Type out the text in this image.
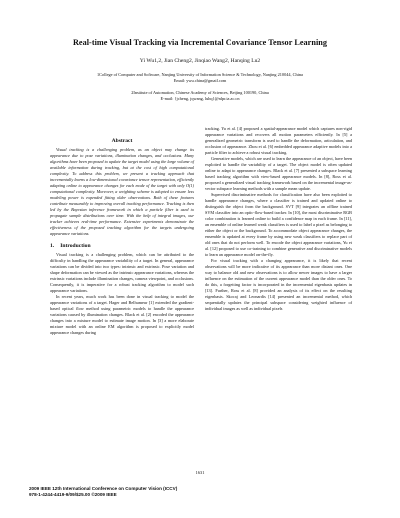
Real-time Visual Tracking via Incremental Covariance Tensor Learning
Yi Wu1,2, Jian Cheng2, Jinqiao Wang2, Hanqing Lu2
1College of Computer and Software, Nanjing University of Information Science & Technology, Nanjing 210044, China
Email: ywu.china@gmail.com
2Institute of Automation, Chinese Academy of Sciences, Beijing 100190, China
E-mail: {jcheng, jqwang, luhq}@nlpr.ia.ac.cn
Abstract

Visual tracking is a challenging problem, as an object may change its appearance due to pose variations, illumination changes, and occlusions. Many algorithms have been proposed to update the target model using the large volume of available information during tracking, but at the cost of high computational complexity. To address this problem, we present a tracking approach that incrementally learns a low-dimensional covariance tensor representation, efficiently adapting online to appearance changes for each mode of the target with only O(1) computational complexity. Moreover, a weighting scheme is adopted to ensure less modeling power is expended fitting older observations. Both of these features contribute measurably to improving overall tracking performance. Tracking is then led by the Bayesian inference framework in which a particle filter is used to propagate sample distributions over time. With the help of integral images, our tracker achieves real-time performance. Extensive experiments demonstrate the effectiveness of the proposed tracking algorithm for the targets undergoing appearance variations.

1. Introduction

Visual tracking is a challenging problem, which can be attributed to the difficulty in handling the appearance variability of a target. In general, appearance variations can be divided into two types: intrinsic and extrinsic. Pose variation and shape deformation can be viewed as the intrinsic appearance variations, whereas the extrinsic variations include illumination changes, camera viewpoint, and occlusions. Consequently, it is imperative for a robust tracking algorithm to model such appearance variations.

In recent years, much work has been done in visual tracking to model the appearance variations of a target. Hager and Belhumeur [1] extended the gradient-based optical flow method using parametric models to handle the appearance variations caused by illumination changes. Black et al. [2] encoded the appearance changes into a mixture model to estimate image motion. In [3] a more elaborate mixture model with an online EM algorithm is proposed to explicitly model appearance changes during

tracking. Yu et al. [4] proposed a spatial-appearance model which captures non-rigid appearance variations and recovers all motion parameters efficiently. In [5] a generalized geometric transform is used to handle the deformation, articulation, and occlusion of appearance. Zhou et al. [6] embedded appearance adaptive models into a particle filter to achieve a robust visual tracking.

Generative models, which are used to learn the appearance of an object, have been exploited to handle the variability of a target. The object model is often updated online to adapt to appearance changes. Black et al. [7] presented a subspace learning based tracking algorithm with view-based appearance models. In [8], Ross et al. proposed a generalized visual tracking framework based on the incremental image-as-vector subspace learning methods with a sample mean update.

Supervised discriminative methods for classification have also been exploited to handle appearance changes, where a classifier is trained and updated online to distinguish the object from the background. SVT [9] integrates an offline trained SVM classifier into an optic-flow-based tracker. In [10], the most discriminative RGB color combination is learned online to build a confidence map in each frame. In [11], an ensemble of online learned weak classifiers is used to label a pixel as belonging to either the object or the background. To accommodate object appearance changes, the ensemble is updated at every frame by using new weak classifiers to replace part of old ones that do not perform well. To encode the object appearance variations, Yu et al. [12] proposed to use co-training to combine generative and discriminative models to learn an appearance model on-the-fly.

For visual tracking with a changing appearance, it is likely that recent observations will be more indicative of its appearance than more distant ones. One way to balance old and new observations is to allow newer images to have a larger influence on the estimation of the current appearance model than the older ones. To do this, a forgetting factor is incorporated in the incremental eigenbasis updates in [13]. Further, Ross et al. [8] provided an analysis of its effect on the resulting eigenbasis. Skocaj and Leonardis [14] presented an incremental method, which sequentially updates the principal subspace considering weighted influence of individual images as well as individual pixels

1631
2009 IEEE 12th International Conference on Computer Vision (ICCV)
978-1-4244-4419-9/09/$25.00 ©2009 IEEE
